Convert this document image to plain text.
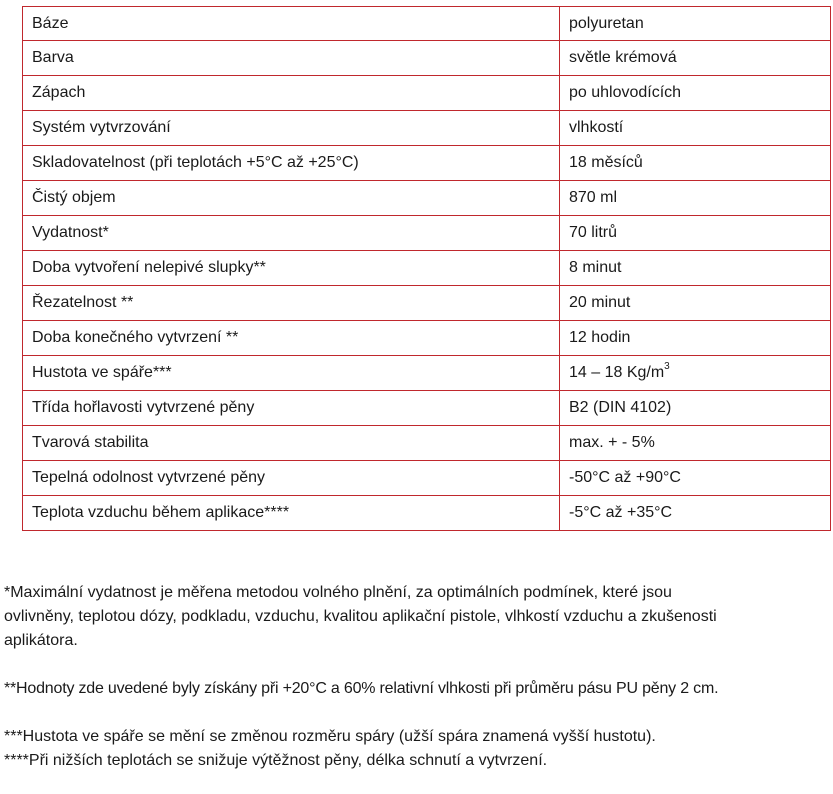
Báze	polyuretan
Barva	světle krémová
Zápach	po uhlovodících
Systém vytvrzování	vlhkostí
Skladovatelnost (při teplotách +5°C až +25°C)	18 měsíců
Čistý objem	870 ml
Vydatnost*	70 litrů
Doba vytvoření nelepivé slupky**	8 minut
Řezatelnost **	20 minut
Doba konečného vytvrzení **	12 hodin
Hustota ve spáře***	14 – 18 $Kg/m^3$
Třída hořlavosti vytvrzené pěny	B2 (DIN 4102)
Tvarová stabilita	max. + - 5%
Tepelná odolnost vytvrzené pěny	-50°C až +90°C
Teplota vzduchu během aplikace****	-5°C až +35°C

*Maximální vydatnost je měřena metodou volného plnění, za optimálních podmínek, které jsou
ovlivněny, teplotou dózy, podkladu, vzduchu, kvalitou aplikační pistole, vlhkostí vzduchu a zkušenosti
aplikátora.

**Hodnoty zde uvedené byly získány při +20°C a 60% relativní vlhkosti při průměru pásu PU pěny 2 cm.

***Hustota ve spáře se mění se změnou rozměru spáry (užší spára znamená vyšší hustotu).

****Při nižších teplotách se snižuje výtěžnost pěny, délka schnutí a vytvrzení.
